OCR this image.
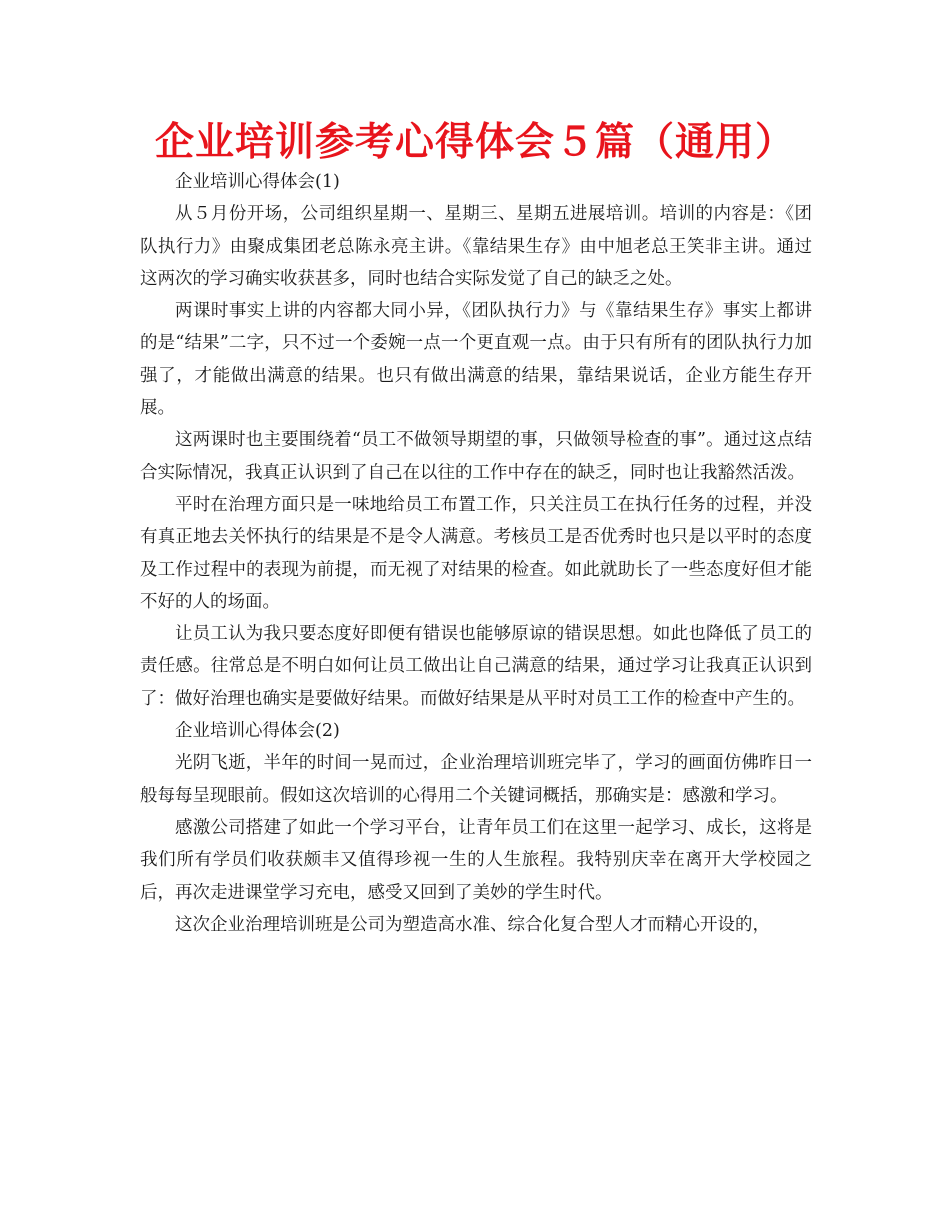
企业培训参考心得体会５篇（通用）

企业培训心得体会(1)

从５月份开场，公司组织星期一、星期三、星期五进展培训。培训的内容是：《团队执行力》由聚成集团老总陈永亮主讲。《靠结果生存》由中旭老总王笑非主讲。通过这两次的学习确实收获甚多，同时也结合实际发觉了自己的缺乏之处。

两课时事实上讲的内容都大同小异，《团队执行力》与《靠结果生存》事实上都讲的是“结果”二字，只不过一个委婉一点一个更直观一点。由于只有所有的团队执行力加强了，才能做出满意的结果。也只有做出满意的结果，靠结果说话，企业方能生存开展。

这两课时也主要围绕着“员工不做领导期望的事，只做领导检查的事”。通过这点结合实际情况，我真正认识到了自己在以往的工作中存在的缺乏，同时也让我豁然活泼。

平时在治理方面只是一味地给员工布置工作，只关注员工在执行任务的过程，并没有真正地去关怀执行的结果是不是令人满意。考核员工是否优秀时也只是以平时的态度及工作过程中的表现为前提，而无视了对结果的检查。如此就助长了一些态度好但才能不好的人的场面。

让员工认为我只要态度好即便有错误也能够原谅的错误思想。如此也降低了员工的责任感。往常总是不明白如何让员工做出让自己满意的结果，通过学习让我真正认识到了：做好治理也确实是要做好结果。而做好结果是从平时对员工工作的检查中产生的。

企业培训心得体会(2)

光阴飞逝，半年的时间一晃而过，企业治理培训班完毕了，学习的画面仿佛昨日一般每每呈现眼前。假如这次培训的心得用二个关键词概括，那确实是：感激和学习。

感激公司搭建了如此一个学习平台，让青年员工们在这里一起学习、成长，这将是我们所有学员们收获颇丰又值得珍视一生的人生旅程。我特别庆幸在离开大学校园之后，再次走进课堂学习充电，感受又回到了美妙的学生时代。

这次企业治理培训班是公司为塑造高水准、综合化复合型人才而精心开设的，
